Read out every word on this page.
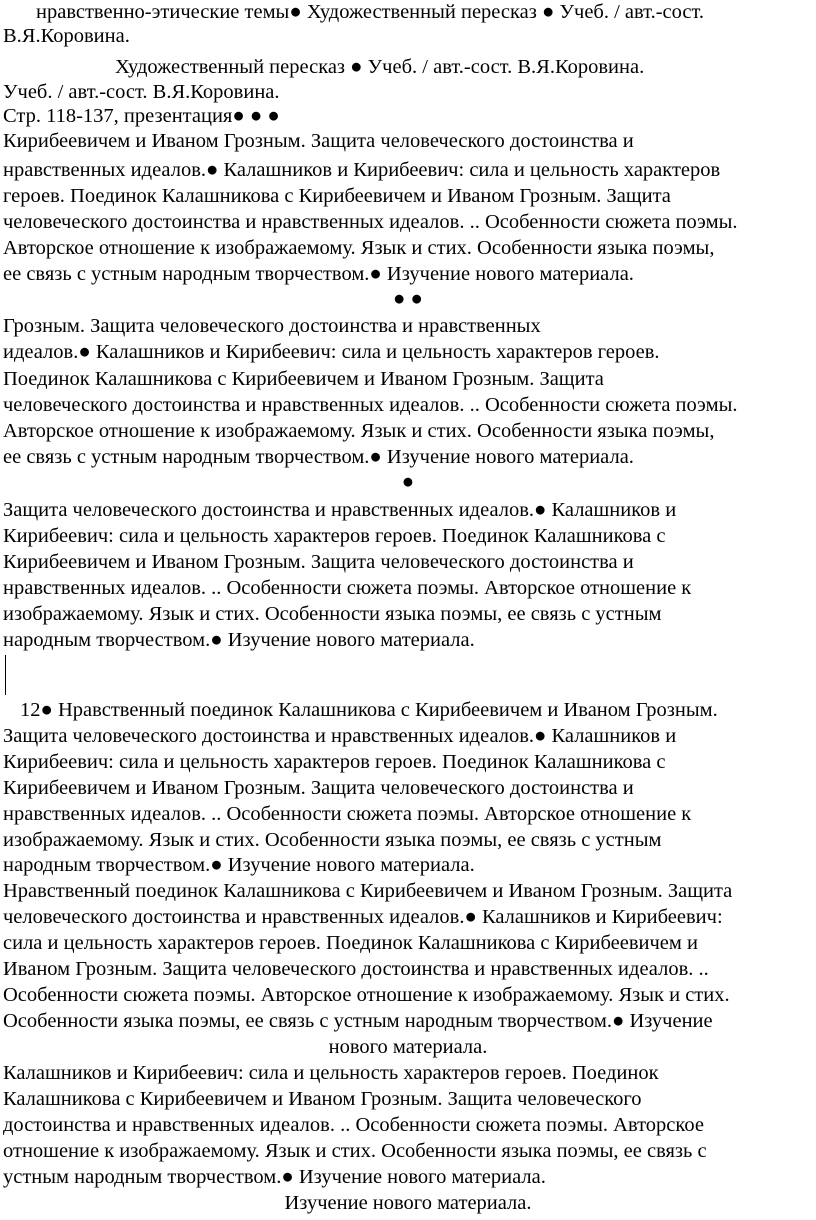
нравственно-этические темы● Художественный пересказ ● Учеб. / авт.-сост.
В.Я.Коровина.
Художественный пересказ ● Учеб. / авт.-сост. В.Я.Коровина.
Учеб. / авт.-сост. В.Я.Коровина.
Стр. 118-137, презентация● ● ●
Кирибеевичем и Иваном Грозным. Защита человеческого достоинства и
нравственных идеалов.● Калашников и Кирибеевич: сила и цельность характеров
героев. Поединок Калашникова с Кирибеевичем и Иваном Грозным. Защита
человеческого достоинства и нравственных идеалов. .. Особенности сюжета поэмы.
Авторское отношение к изображаемому. Язык и стих. Особенности языка поэмы,
ее связь с устным народным творчеством.● Изучение нового материала.
● ●
Грозным. Защита человеческого достоинства и нравственных
идеалов.● Калашников и Кирибеевич: сила и цельность характеров героев.
Поединок Калашникова с Кирибеевичем и Иваном Грозным. Защита
человеческого достоинства и нравственных идеалов. .. Особенности сюжета поэмы.
Авторское отношение к изображаемому. Язык и стих. Особенности языка поэмы,
ее связь с устным народным творчеством.● Изучение нового материала.
●
Защита человеческого достоинства и нравственных идеалов.● Калашников и
Кирибеевич: сила и цельность характеров героев. Поединок Калашникова с
Кирибеевичем и Иваном Грозным. Защита человеческого достоинства и
нравственных идеалов. .. Особенности сюжета поэмы. Авторское отношение к
изображаемому. Язык и стих. Особенности языка поэмы, ее связь с устным
народным творчеством.● Изучение нового материала.
12● Нравственный поединок Калашникова с Кирибеевичем и Иваном Грозным.
Защита человеческого достоинства и нравственных идеалов.● Калашников и
Кирибеевич: сила и цельность характеров героев. Поединок Калашникова с
Кирибеевичем и Иваном Грозным. Защита человеческого достоинства и
нравственных идеалов. .. Особенности сюжета поэмы. Авторское отношение к
изображаемому. Язык и стих. Особенности языка поэмы, ее связь с устным
народным творчеством.● Изучение нового материала.
Нравственный поединок Калашникова с Кирибеевичем и Иваном Грозным. Защита
человеческого достоинства и нравственных идеалов.● Калашников и Кирибеевич:
сила и цельность характеров героев. Поединок Калашникова с Кирибеевичем и
Иваном Грозным. Защита человеческого достоинства и нравственных идеалов. ..
Особенности сюжета поэмы. Авторское отношение к изображаемому. Язык и стих.
Особенности языка поэмы, ее связь с устным народным творчеством.● Изучение
нового материала.
Калашников и Кирибеевич: сила и цельность характеров героев. Поединок
Калашникова с Кирибеевичем и Иваном Грозным. Защита человеческого
достоинства и нравственных идеалов. .. Особенности сюжета поэмы. Авторское
отношение к изображаемому. Язык и стих. Особенности языка поэмы, ее связь с
устным народным творчеством.● Изучение нового материала.
Изучение нового материала.
